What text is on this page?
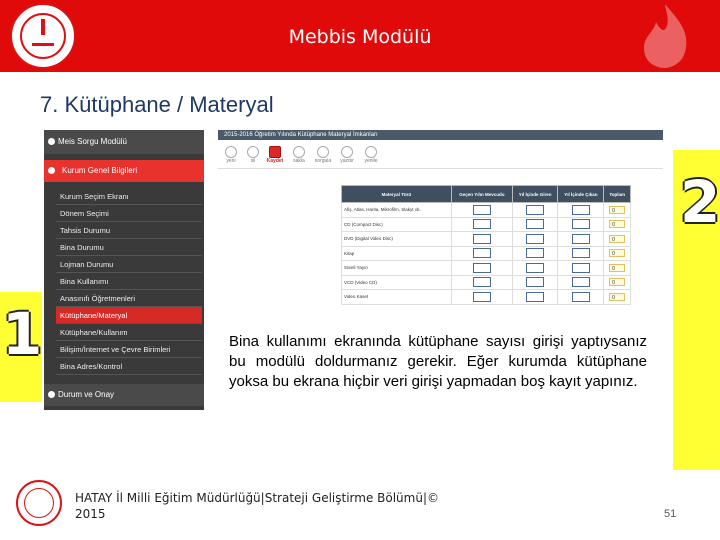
Mebbis Modülü
7. Kütüphane / Materyal
1
2
Meis Sorgu Modülü
Kurum Genel Bilgileri
Kurum Seçim Ekranı
Dönem Seçimi
Tahsis Durumu
Bina Durumu
Lojman Durumu
Bina Kullanımı
Anasınıfı Öğretmenleri
Kütüphane/Materyal
Kütüphane/Kullanım
Bilişim/İnternet ve Çevre Birimleri
Bina Adres/Kontrol
Durum ve Onay
2015-2016 Öğretim Yılında Kütüphane Materyal İmkanları
yeni	sil	Kaydet	sakla	sorgula	yazdır	yenile
Materyal Türü	Geçen Yılın Mevcudu	Yıl İçinde Giren	Yıl İçinde Çıkan	Toplam
Afiş, Atlas, Harita, Mikrofilm, Slakyt vb.				0
CD (Compact Disc)				0
DVD (Digital Video Disc)				0
Kitap				0
Süreli Yayın				0
VCD (Video CD)				0
Video Kaset				0
Bina kullanımı ekranında kütüphane sayısı girişi yaptıysanız bu modülü doldurmanız gerekir. Eğer kurumda kütüphane yoksa bu ekrana hiçbir veri girişi yapmadan boş kayıt yapınız.
HATAY İl Milli Eğitim Müdürlüğü|Strateji Geliştirme Bölümü|© 2015	51
